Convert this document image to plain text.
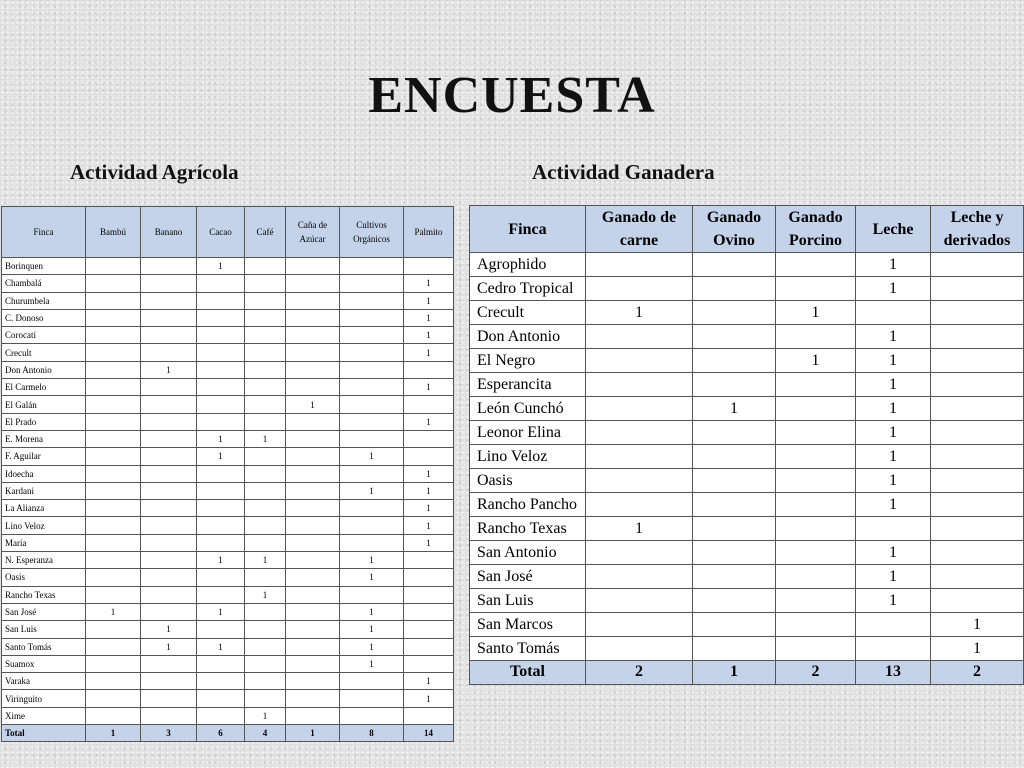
ENCUESTA
Actividad Agrícola	Actividad Ganadera
Finca	Bambú	Banano	Cacao	Café	Caña de Azúcar	Cultivos Orgánicos	Palmito
Borinquen			1				
Chambalá							1
Churumbela							1
C. Donoso							1
Corocatí							1
Crecult							1
Don Antonio		1					
El Carmelo							1
El Galán					1		
El Prado							1
E. Morena			1	1			
F. Aguilar			1			1	
Idoecha							1
Kardani						1	1
La Alianza							1
Lino Veloz							1
María							1
N. Esperanza			1	1		1	
Oasis						1	
Rancho Texas				1			
San José	1		1			1	
San Luis		1				1	
Santo Tomás		1	1			1	
Suamox						1	
Varaka							1
Viringuito							1
Xime				1			
Total	1	3	6	4	1	8	14
Finca	Ganado de carne	Ganado Ovino	Ganado Porcino	Leche	Leche y derivados
Agrophido				1	
Cedro Tropical				1	
Crecult	1		1		
Don Antonio				1	
El Negro			1	1	
Esperancita				1	
León Cunchó		1		1	
Leonor Elina				1	
Lino Veloz				1	
Oasis				1	
Rancho Pancho				1	
Rancho Texas	1				
San Antonio				1	
San José				1	
San Luis				1	
San Marcos					1
Santo Tomás					1
Total	2	1	2	13	2
